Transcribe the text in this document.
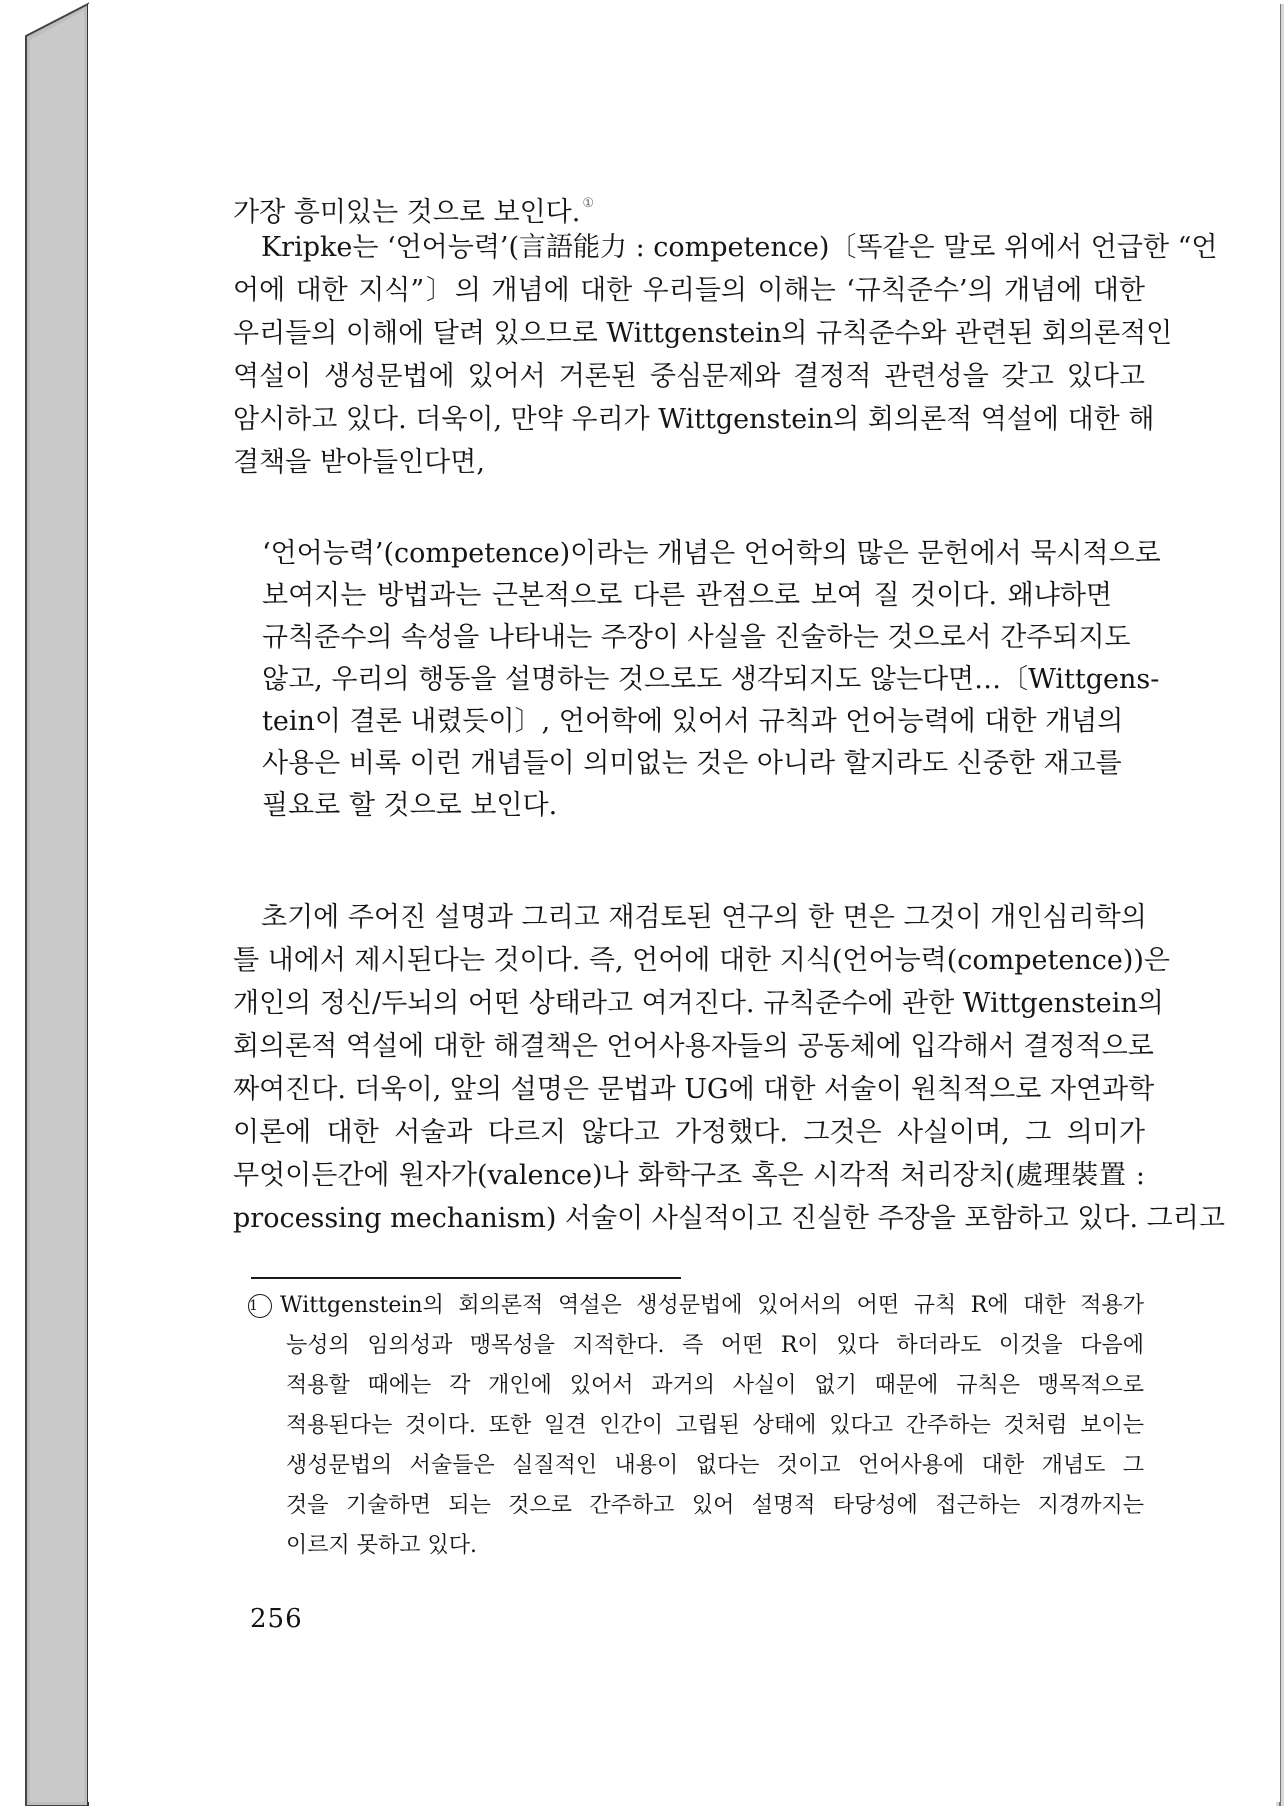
가장 흥미있는 것으로 보인다. ①
Kripke는 ‘언어능력’(言語能力 : competence)〔똑같은 말로 위에서 언급한 “언
어에 대한 지식”〕의 개념에 대한 우리들의 이해는 ‘규칙준수’의 개념에 대한
우리들의 이해에 달려 있으므로 Wittgenstein의 규칙준수와 관련된 회의론적인
역설이 생성문법에 있어서 거론된 중심문제와 결정적 관련성을 갖고 있다고
암시하고 있다. 더욱이, 만약 우리가 Wittgenstein의 회의론적 역설에 대한 해
결책을 받아들인다면,
‘언어능력’(competence)이라는 개념은 언어학의 많은 문헌에서 묵시적으로
보여지는 방법과는 근본적으로 다른 관점으로 보여 질 것이다. 왜냐하면
규칙준수의 속성을 나타내는 주장이 사실을 진술하는 것으로서 간주되지도
않고, 우리의 행동을 설명하는 것으로도 생각되지도 않는다면…〔Wittgens-
tein이 결론 내렸듯이〕, 언어학에 있어서 규칙과 언어능력에 대한 개념의
사용은 비록 이런 개념들이 의미없는 것은 아니라 할지라도 신중한 재고를
필요로 할 것으로 보인다.
초기에 주어진 설명과 그리고 재검토된 연구의 한 면은 그것이 개인심리학의
틀 내에서 제시된다는 것이다. 즉, 언어에 대한 지식(언어능력(competence))은
개인의 정신/두뇌의 어떤 상태라고 여겨진다. 규칙준수에 관한 Wittgenstein의
회의론적 역설에 대한 해결책은 언어사용자들의 공동체에 입각해서 결정적으로
짜여진다. 더욱이, 앞의 설명은 문법과 UG에 대한 서술이 원칙적으로 자연과학
이론에 대한 서술과 다르지 않다고 가정했다. 그것은 사실이며, 그 의미가
무엇이든간에 원자가(valence)나 화학구조 혹은 시각적 처리장치(處理裝置 :
processing mechanism) 서술이 사실적이고 진실한 주장을 포함하고 있다. 그리고
1 Wittgenstein의 회의론적 역설은 생성문법에 있어서의 어떤 규칙 R에 대한 적용가
능성의 임의성과 맹목성을 지적한다. 즉 어떤 R이 있다 하더라도 이것을 다음에
적용할 때에는 각 개인에 있어서 과거의 사실이 없기 때문에 규칙은 맹목적으로
적용된다는 것이다. 또한 일견 인간이 고립된 상태에 있다고 간주하는 것처럼 보이는
생성문법의 서술들은 실질적인 내용이 없다는 것이고 언어사용에 대한 개념도 그
것을 기술하면 되는 것으로 간주하고 있어 설명적 타당성에 접근하는 지경까지는
이르지 못하고 있다.
256
